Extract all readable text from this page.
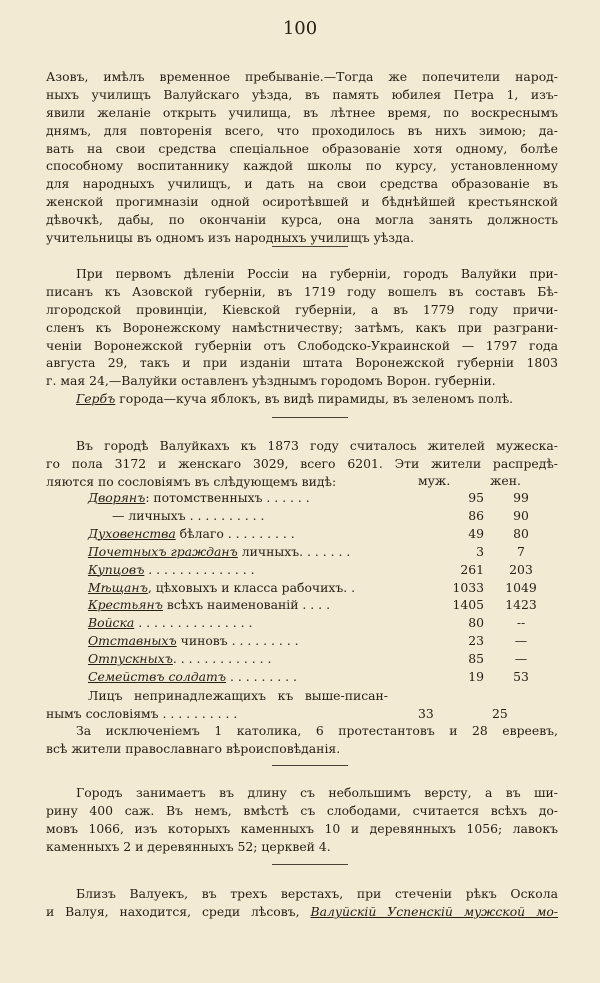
100
Азовъ, имѣлъ временное пребываніе.—Тогда же попечители народ-
ныхъ училищъ Валуйскаго уѣзда, въ память юбилея Петра 1, изъ-
явили желаніе открыть училища, въ лѣтнее время, по воскреснымъ
днямъ, для повторенія всего, что проходилось въ нихъ зимою; да-
вать на свои средства спеціальное образованіе хотя одному, болѣе
способному воспитаннику каждой школы по курсу, установленному
для народныхъ училищъ, и дать на свои средства образованіе въ
женской прогимназіи одной осиротѣвшей и бѣднѣйшей крестьянской
дѣвочкѣ, дабы, по окончаніи курса, она могла занять должность
учительницы въ одномъ изъ народныхъ училищъ уѣзда.
При первомъ дѣленіи Россіи на губерніи, городъ Валуйки при-
писанъ къ Азовской губерніи, въ 1719 году вошелъ въ составъ Бѣ-
лгородской провинціи, Кіевской губерніи, а въ 1779 году причи-
сленъ къ Воронежскому намѣстничеству; затѣмъ, какъ при разграни-
ченіи Воронежской губерніи отъ Слободско-Украинской — 1797 года
августа 29, такъ и при изданіи штата Воронежской губерніи 1803
г. мая 24,—Валуйки оставленъ уѣзднымъ городомъ Ворон. губерніи.
Гербъ города—куча яблокъ, въ видѣ пирамиды, въ зеленомъ полѣ.
Въ городѣ Валуйкахъ къ 1873 году считалось жителей мужеска-
го пола 3172 и женскаго 3029, всего 6201. Эти жители распредѣ-
ляются по сословіямъ въ слѣдующемъ видѣ:	муж.	жен.
Дворянъ: потомственныхъ . . . . . .	95	99
— личныхъ . . . . . . . . . .	86	90
Духовенства бѣлаго . . . . . . . . .	49	80
Почетныхъ гражданъ личныхъ. . . . . . .	3	7
Купцовъ . . . . . . . . . . . . . .	261	203
Мѣщанъ, цѣховыхъ и класса рабочихъ. .	1033	1049
Крестьянъ всѣхъ наименованій . . . .	1405	1423
Войска . . . . . . . . . . . . . . .	80	--
Отставныхъ чиновъ . . . . . . . . .	23	—
Отпускныхъ. . . . . . . . . . . . .	85	—
Семействъ солдатъ . . . . . . . . .	19	53
Лицъ непринадлежащихъ къ выше-писан-
нымъ сословіямъ . . . . . . . . . .	33	25
За исключеніемъ 1 католика, 6 протестантовъ и 28 евреевъ,
всѣ жители православнаго вѣроисповѣданія.
Городъ занимаетъ въ длину съ небольшимъ версту, а въ ши-
рину 400 саж. Въ немъ, вмѣстѣ съ слободами, считается всѣхъ до-
мовъ 1066, изъ которыхъ каменныхъ 10 и деревянныхъ 1056; лавокъ
каменныхъ 2 и деревянныхъ 52; церквей 4.
Близъ Валуекъ, въ трехъ верстахъ, при стеченіи рѣкъ Оскола
и Валуя, находится, среди лѣсовъ, Валуйскій Успенскій мужской мо-
